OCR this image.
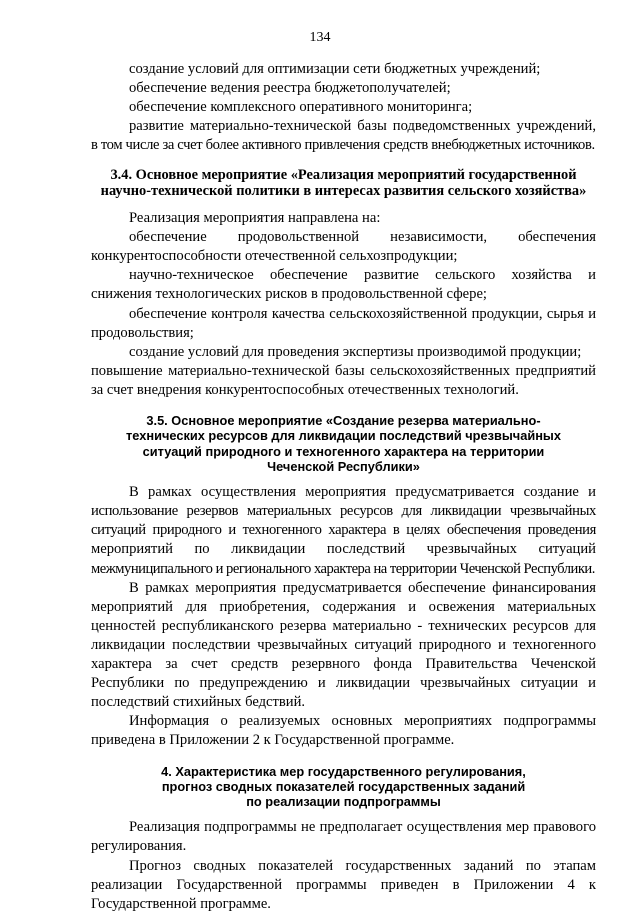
134

создание условий для оптимизации сети бюджетных учреждений;

обеспечение ведения реестра бюджетополучателей;

обеспечение комплексного оперативного мониторинга;

развитие материально-технической базы подведомственных учреждений,

в том числе за счет более активного привлечения средств внебюджетных источников.

3.4. Основное мероприятие «Реализация мероприятий государственной
научно-технической политики в интересах развития сельского хозяйства»

Реализация мероприятия направлена на:

обеспечение продовольственной независимости, обеспечения конкурентоспособности отечественной сельхозпродукции;

научно-техническое обеспечение развитие сельского хозяйства и снижения технологических рисков в продовольственной сфере;

обеспечение контроля качества сельскохозяйственной продукции, сырья и продовольствия;

создание условий для проведения экспертизы производимой продукции;

повышение материально-технической базы сельскохозяйственных предприятий за счет внедрения конкурентоспособных отечественных технологий.

3.5. Основное мероприятие «Создание резерва материально-
технических ресурсов для ликвидации последствий чрезвычайных
ситуаций природного и техногенного характера на территории
Чеченской Республики»

В рамках осуществления мероприятия предусматривается создание и

использование резервов материальных ресурсов для ликвидации чрезвычайных

ситуаций природного и техногенного характера в целях обеспечения проведения

мероприятий по ликвидации последствий чрезвычайных ситуаций

межмуниципального и регионального характера на территории Чеченской Республики.

В рамках мероприятия предусматривается обеспечение финансирования мероприятий для приобретения, содержания и освежения материальных ценностей республиканского резерва материально - технических ресурсов для ликвидации последствии чрезвычайных ситуаций природного и техногенного характера за счет средств резервного фонда Правительства Чеченской Республики по предупреждению и ликвидации чрезвычайных ситуации и последствий стихийных бедствий.

Информация о реализуемых основных мероприятиях подпрограммы приведена в Приложении 2 к Государственной программе.

4. Характеристика мер государственного регулирования,
прогноз сводных показателей государственных заданий
по реализации подпрограммы

Реализация подпрограммы не предполагает осуществления мер правового регулирования.

Прогноз сводных показателей государственных заданий по этапам реализации Государственной программы приведен в Приложении 4 к Государственной программе.
